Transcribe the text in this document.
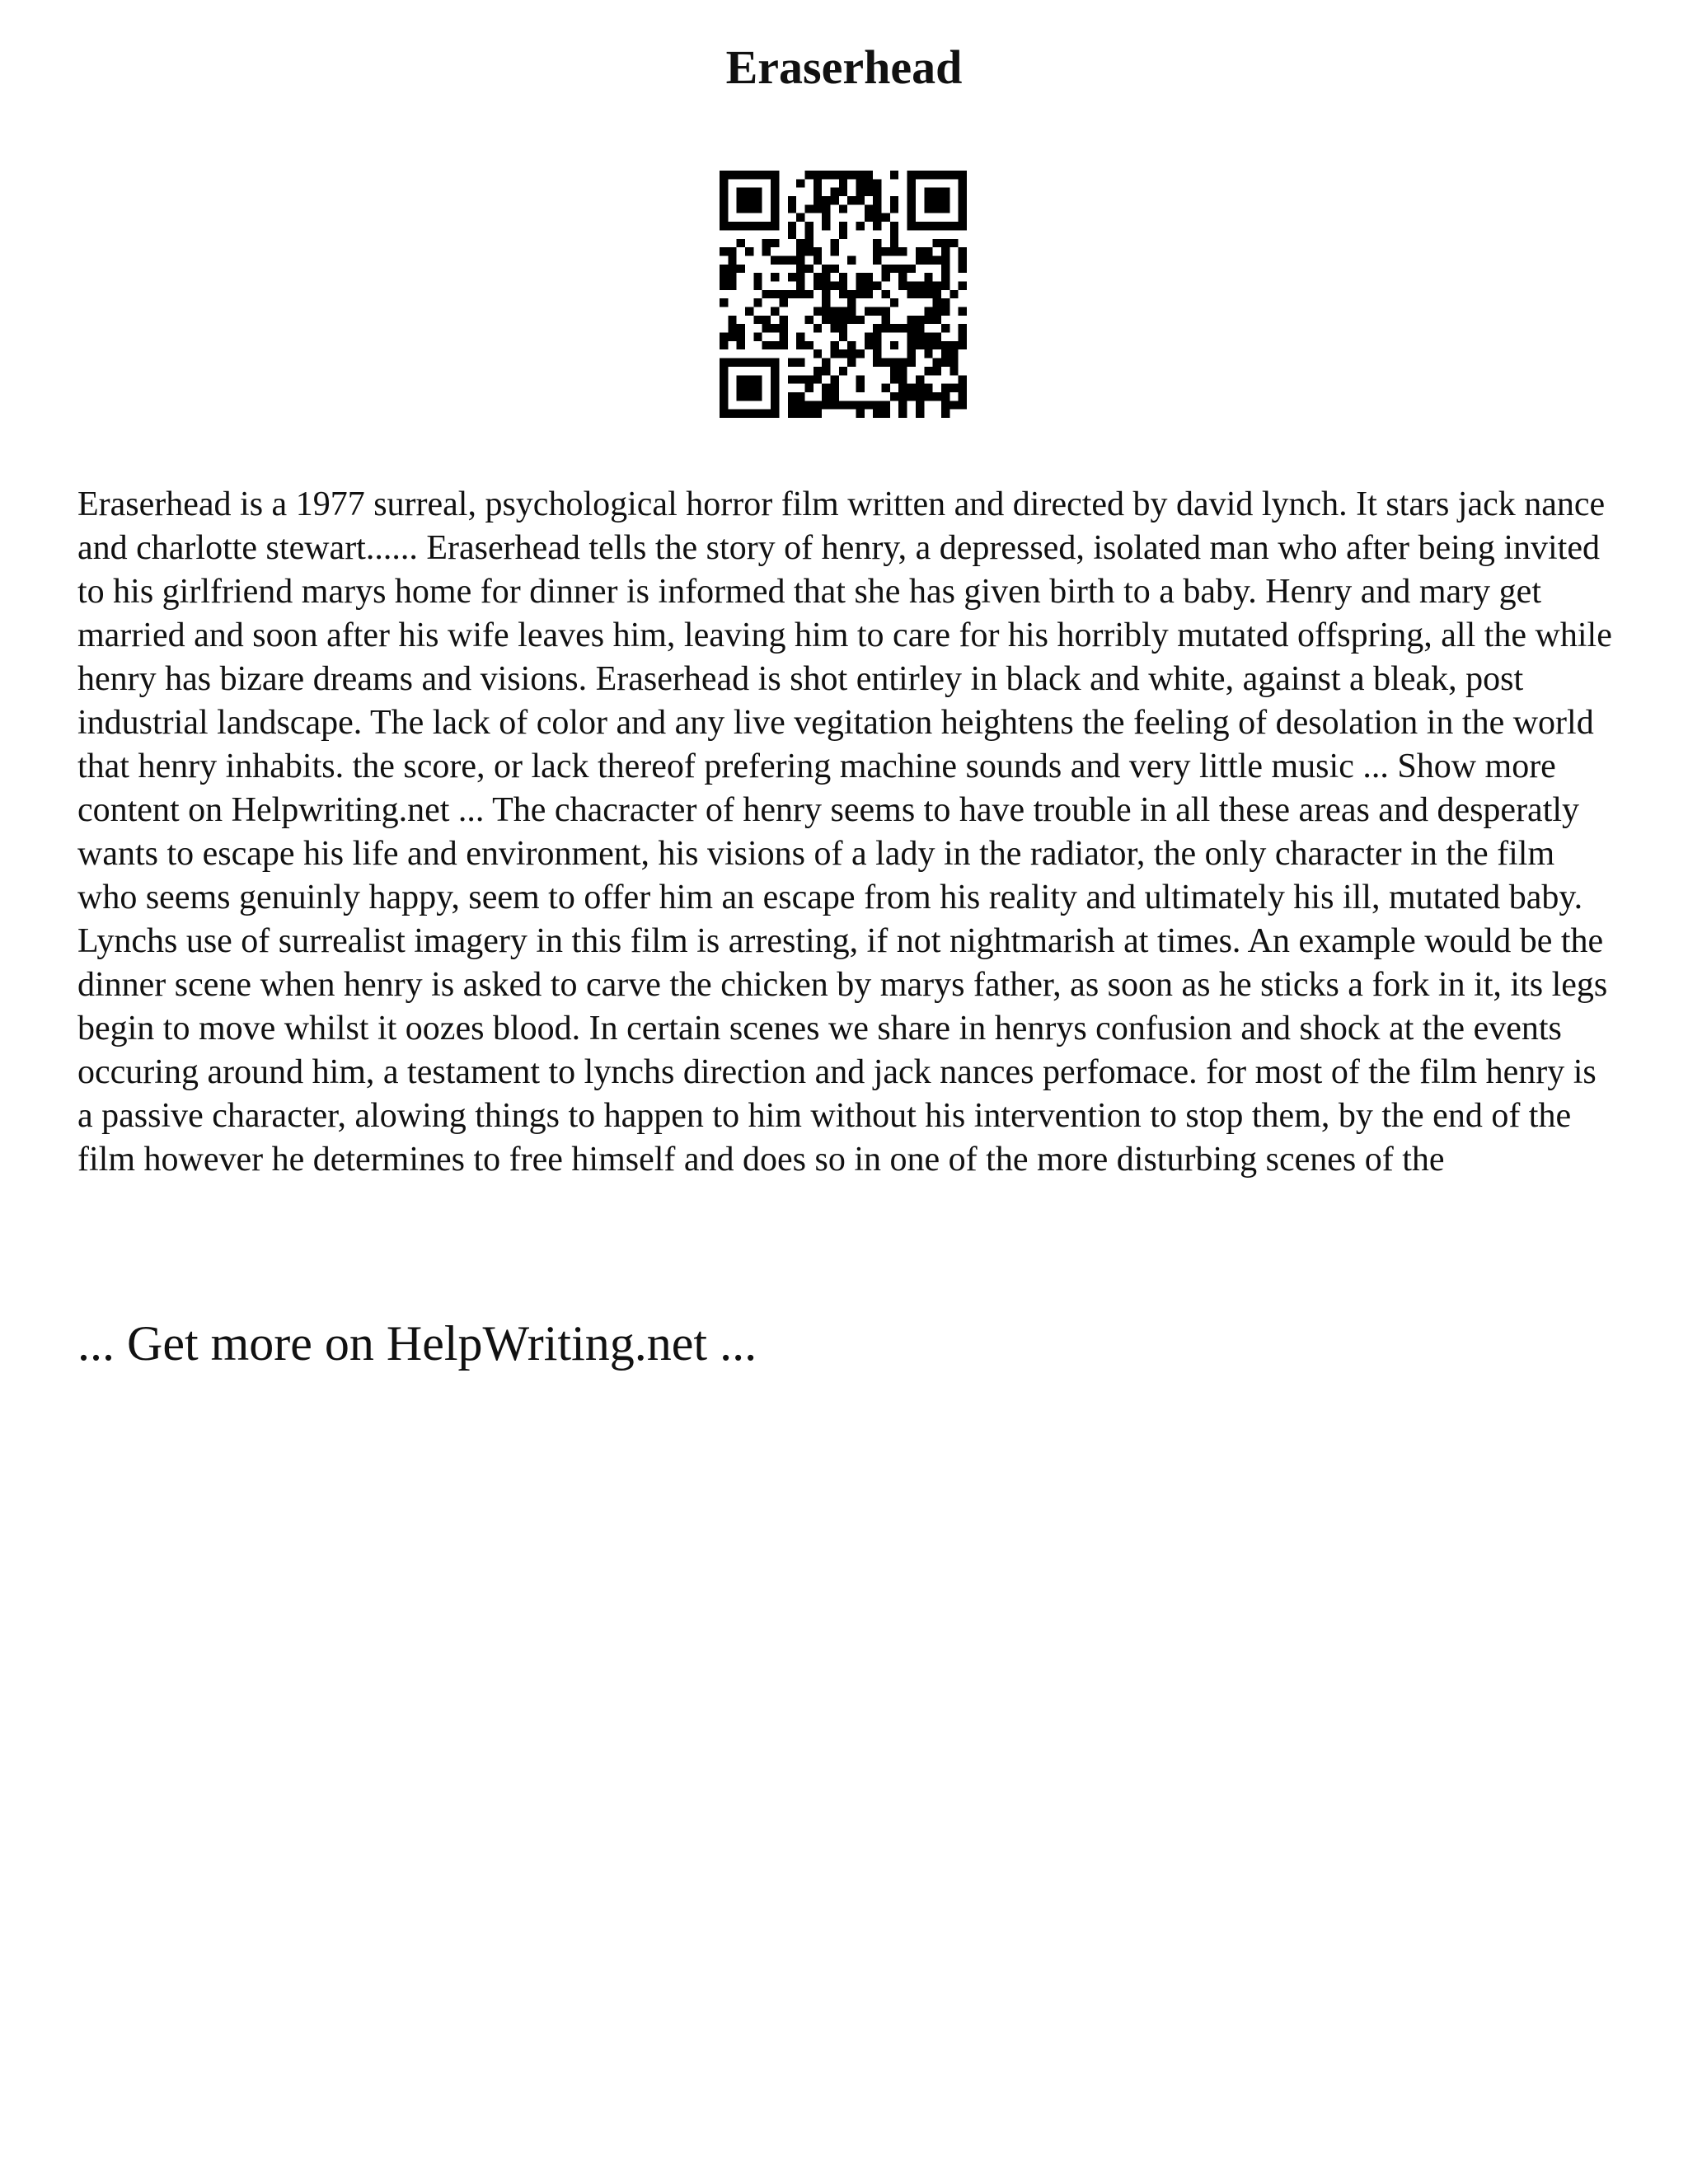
Eraserhead

Eraserhead is a 1977 surreal, psychological horror film written and directed by david lynch. It stars jack nance and charlotte stewart...... Eraserhead tells the story of henry, a depressed, isolated man who after being invited to his girlfriend marys home for dinner is informed that she has given birth to a baby. Henry and mary get married and soon after his wife leaves him, leaving him to care for his horribly mutated offspring, all the while henry has bizare dreams and visions. Eraserhead is shot entirley in black and white, against a bleak, post industrial landscape. The lack of color and any live vegitation heightens the feeling of desolation in the world that henry inhabits. the score, or lack thereof prefering machine sounds and very little music ... Show more content on Helpwriting.net ... The chacracter of henry seems to have trouble in all these areas and desperatly wants to escape his life and environment, his visions of a lady in the radiator, the only character in the film who seems genuinly happy, seem to offer him an escape from his reality and ultimately his ill, mutated baby. Lynchs use of surrealist imagery in this film is arresting, if not nightmarish at times. An example would be the dinner scene when henry is asked to carve the chicken by marys father, as soon as he sticks a fork in it, its legs begin to move whilst it oozes blood. In certain scenes we share in henrys confusion and shock at the events occuring around him, a testament to lynchs direction and jack nances perfomace. for most of the film henry is a passive character, alowing things to happen to him without his intervention to stop them, by the end of the film however he determines to free himself and does so in one of the more disturbing scenes of the

... Get more on HelpWriting.net ...
